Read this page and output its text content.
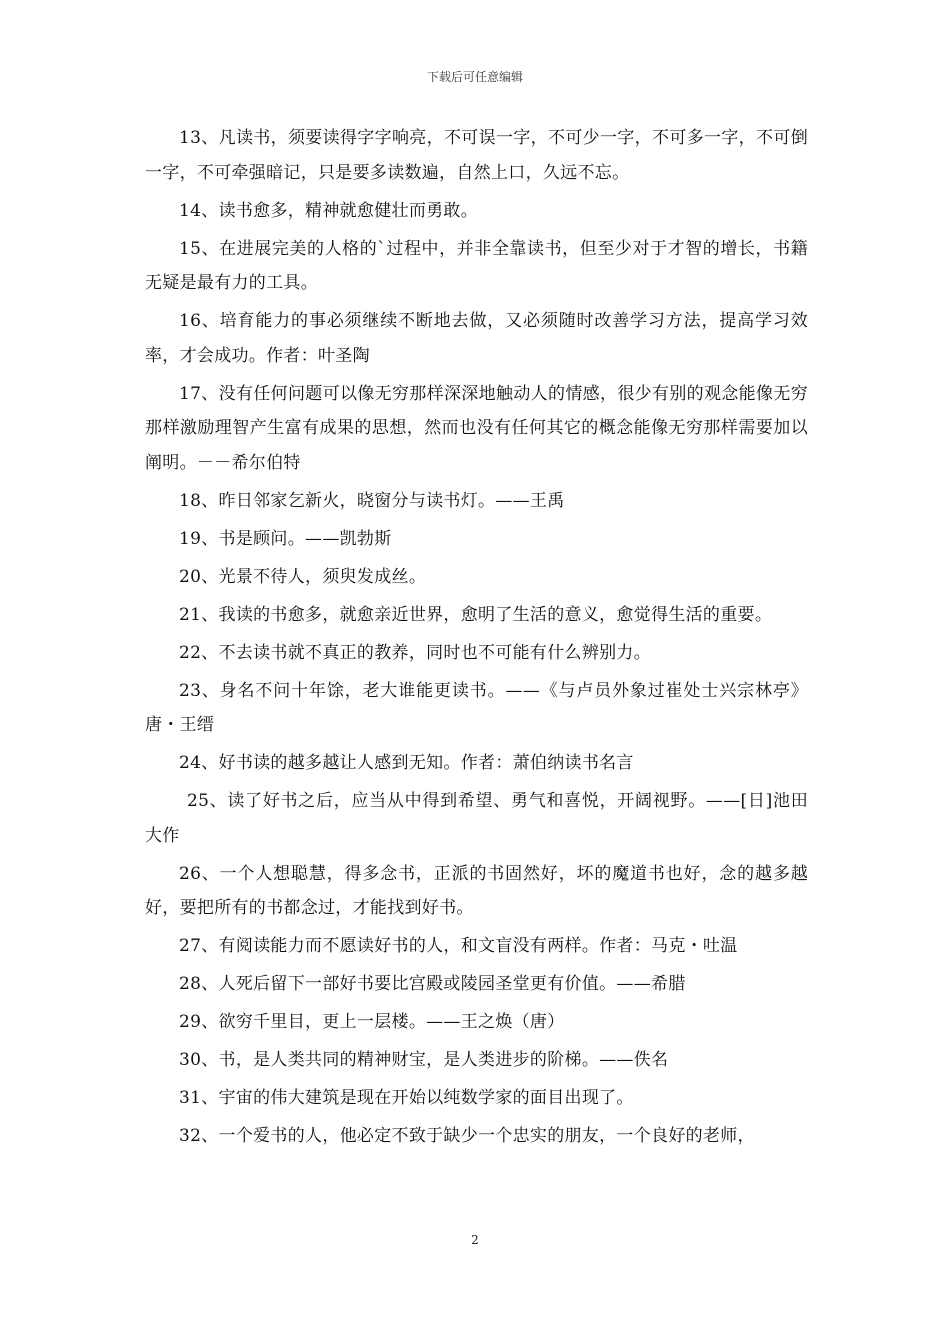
下载后可任意编辑

13、凡读书，须要读得字字响亮，不可误一字，不可少一字，不可多一字，不可倒一字，不可牵强暗记，只是要多读数遍，自然上口，久远不忘。

14、读书愈多，精神就愈健壮而勇敢。

15、在进展完美的人格的`过程中，并非全靠读书，但至少对于才智的增长，书籍无疑是最有力的工具。

16、培育能力的事必须继续不断地去做，又必须随时改善学习方法，提高学习效率，才会成功。作者：叶圣陶

17、没有任何问题可以像无穷那样深深地触动人的情感，很少有别的观念能像无穷那样激励理智产生富有成果的思想，然而也没有任何其它的概念能像无穷那样需要加以阐明。－－希尔伯特

18、昨日邻家乞新火，晓窗分与读书灯。——王禹

19、书是顾问。——凯勃斯

20、光景不待人，须臾发成丝。

21、我读的书愈多，就愈亲近世界，愈明了生活的意义，愈觉得生活的重要。

22、不去读书就不真正的教养，同时也不可能有什么辨别力。

23、身名不问十年馀，老大谁能更读书。——《与卢员外象过崔处士兴宗林亭》唐・王缙

24、好书读的越多越让人感到无知。作者：萧伯纳读书名言

25、读了好书之后，应当从中得到希望、勇气和喜悦，开阔视野。——[日]池田大作

26、一个人想聪慧，得多念书，正派的书固然好，坏的魔道书也好，念的越多越好，要把所有的书都念过，才能找到好书。

27、有阅读能力而不愿读好书的人，和文盲没有两样。作者：马克・吐温

28、人死后留下一部好书要比宫殿或陵园圣堂更有价值。——希腊

29、欲穷千里目，更上一层楼。——王之焕（唐）

30、书，是人类共同的精神财宝，是人类进步的阶梯。——佚名

31、宇宙的伟大建筑是现在开始以纯数学家的面目出现了。

32、一个爱书的人，他必定不致于缺少一个忠实的朋友，一个良好的老师，

2
